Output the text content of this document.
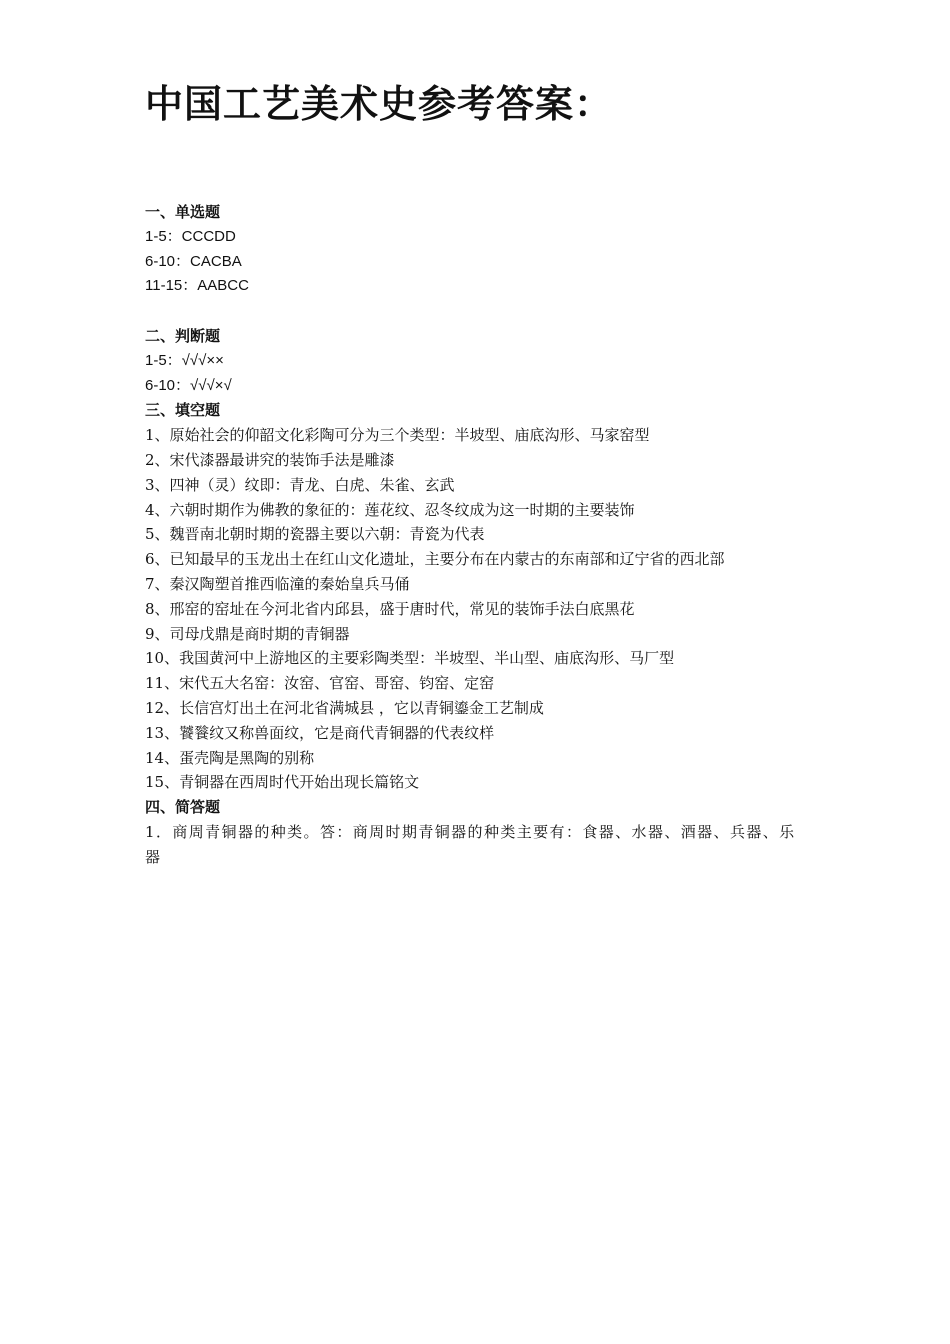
中国工艺美术史参考答案：
一、单选题
1-5：CCCDD
6-10：CACBA
11-15：AABCC
二、判断题
1-5：√√√××
6-10：√√√×√
三、填空题
1、原始社会的仰韶文化彩陶可分为三个类型：半坡型、庙底沟形、马家窑型
2、宋代漆器最讲究的装饰手法是雕漆
3、四神（灵）纹即：青龙、白虎、朱雀、玄武
4、六朝时期作为佛教的象征的：莲花纹、忍冬纹成为这一时期的主要装饰
5、魏晋南北朝时期的瓷器主要以六朝：青瓷为代表
6、已知最早的玉龙出土在红山文化遗址，主要分布在内蒙古的东南部和辽宁省的西北部
7、秦汉陶塑首推西临潼的秦始皇兵马俑
8、邢窑的窑址在今河北省内邱县，盛于唐时代，常见的装饰手法白底黑花
9、司母戊鼎是商时期的青铜器
10、我国黄河中上游地区的主要彩陶类型：半坡型、半山型、庙底沟形、马厂型
11、宋代五大名窑：汝窑、官窑、哥窑、钧窑、定窑
12、长信宫灯出土在河北省满城县 ，它以青铜鎏金工艺制成
13、饕餮纹又称兽面纹，它是商代青铜器的代表纹样
14、蛋壳陶是黑陶的别称
15、青铜器在西周时代开始出现长篇铭文
四、简答题
1．商周青铜器的种类。答：商周时期青铜器的种类主要有：食器、水器、酒器、兵器、乐器
